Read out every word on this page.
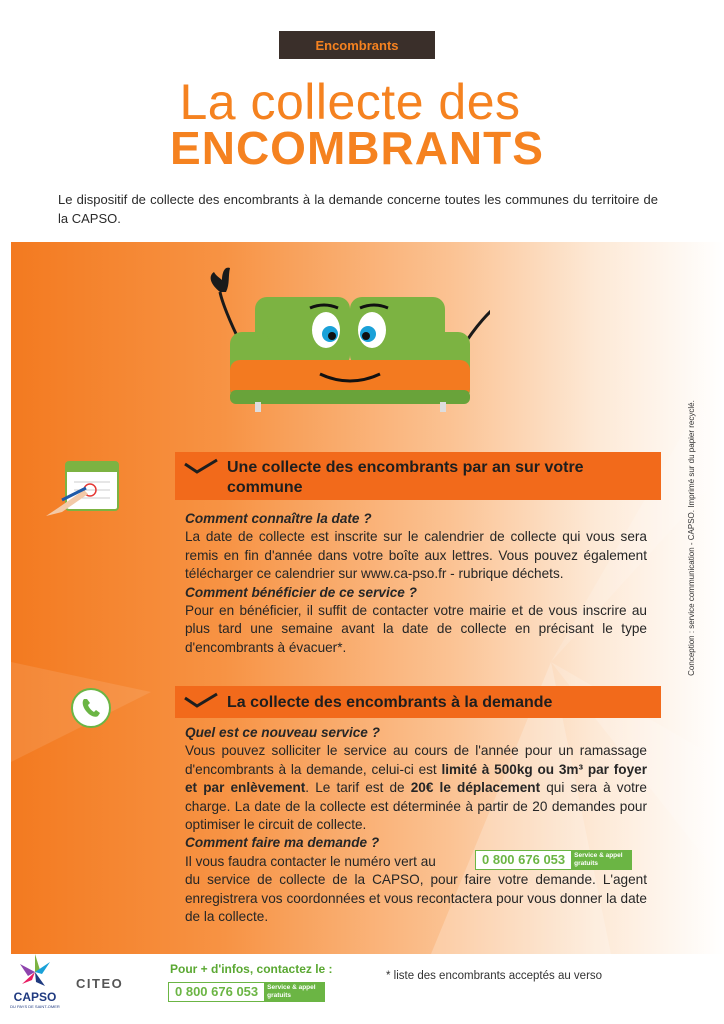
Encombrants
La collecte des
ENCOMBRANTS

Le dispositif de collecte des encombrants à la demande concerne toutes les communes du territoire de la CAPSO.

Conception : service communication - CAPSO. Imprimé sur du papier recyclé.
Une collecte des encombrants par an sur votre
commune
Comment connaître la date ?
La date de collecte est inscrite sur le calendrier de collecte qui vous sera remis en fin d'année dans votre boîte aux lettres. Vous pouvez également télécharger ce calendrier sur www.ca-pso.fr - rubrique déchets.
Comment bénéficier de ce service ?
Pour en bénéficier, il suffit de contacter votre mairie et de vous inscrire au plus tard une semaine avant la date de collecte en précisant le type d'encombrants à évacuer*.
La collecte des encombrants à la demande
Quel est ce nouveau service ?
Vous pouvez solliciter le service au cours de l'année pour un ramassage d'encombrants à la demande, celui-ci est limité à 500kg ou 3m³ par foyer et par enlèvement. Le tarif est de 20€ le déplacement qui sera à votre charge. La date de la collecte est déterminée à partir de 20 demandes pour optimiser le circuit de collecte.
Comment faire ma demande ?
Il vous faudra contacter le numéro vert au
du service de collecte de la CAPSO, pour faire votre demande. L'agent enregistrera vos coordonnées et vous recontactera pour vous donner la date de la collecte.
0 800 676 053	Service & appel gratuits
CAPSO
DU PAYS DE SAINT-OMER
CITEO
Pour + d'infos, contactez le :
0 800 676 053	Service & appel gratuits
* liste des encombrants acceptés au verso
